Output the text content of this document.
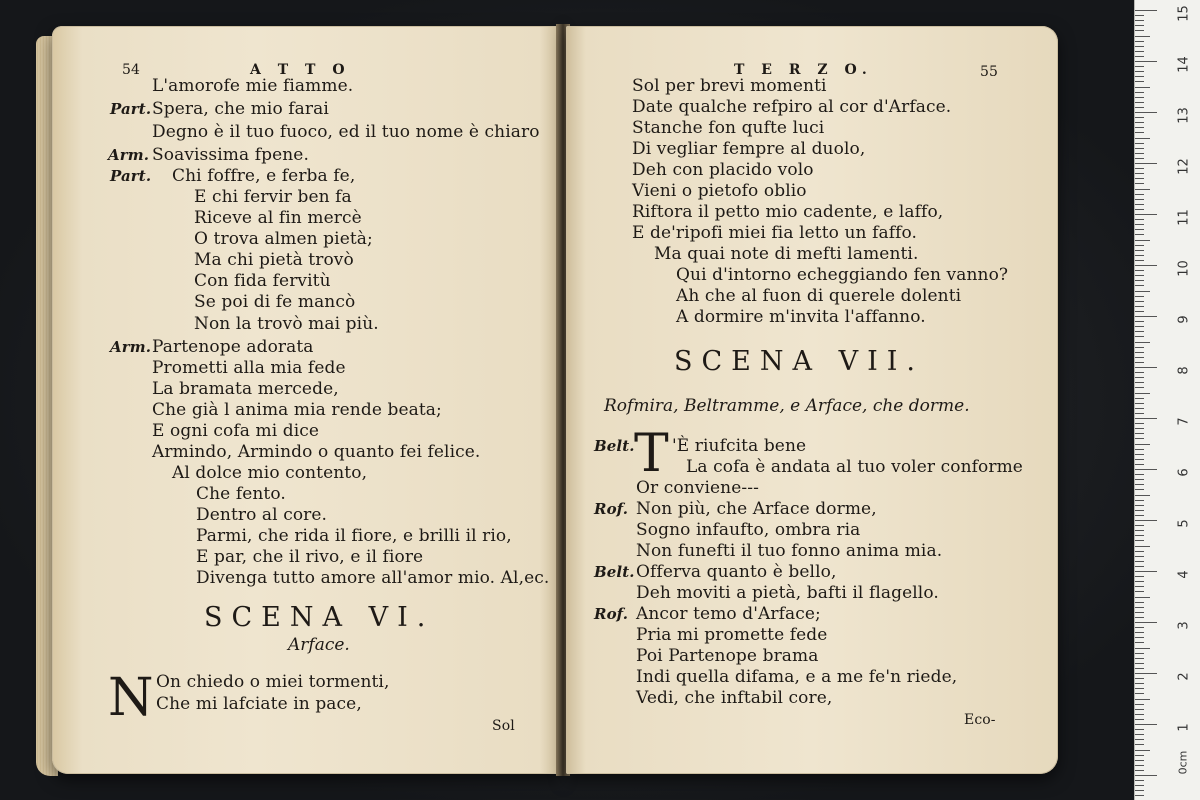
54	A T T O
L'amorofe mie fiamme.
Part. Spera, che mio farai
Degno è il tuo fuoco, ed il tuo nome è chiaro
Arm. Soavissima fpene.
Part. Chi foffre, e ferba fe,
E chi fervir ben fa
Riceve al fin mercè
O trova almen pietà;
Ma chi pietà trovò
Con fida fervitù
Se poi di fe mancò
Non la trovò mai più.
Arm. Partenope adorata
Prometti alla mia fede
La bramata mercede,
Che già l anima mia rende beata;
E ogni cofa mi dice
Armindo, Armindo o quanto fei felice.
Al dolce mio contento,
Che fento.
Dentro al core.
Parmi, che rida il fiore, e brilli il rio,
E par, che il rivo, e il fiore
Divenga tutto amore all'amor mio. Al,ec.
SCENA VI.
Arface.
N On chiedo o miei tormenti,
Che mi lafciate in pace,
Sol
T E R Z O.	55
Sol per brevi momenti
Date qualche refpiro al cor d'Arface.
Stanche fon qufte luci
Di vegliar fempre al duolo,
Deh con placido volo
Vieni o pietofo oblio
Riftora il petto mio cadente, e laffo,
E de'ripofi miei fia letto un faffo.
Ma quai note di mefti lamenti.
Qui d'intorno echeggiando fen vanno?
Ah che al fuon di querele dolenti
A dormire m'invita l'affanno.
SCENA VII.
Rofmira, Beltramme, e Arface, che dorme.
Belt. T 'È riufcita bene
La cofa è andata al tuo voler conforme
Or conviene---
Rof. Non più, che Arface dorme,
Sogno infaufto, ombra ria
Non funefti il tuo fonno anima mia.
Belt. Offerva quanto è bello,
Deh moviti a pietà, bafti il flagello.
Rof. Ancor temo d'Arface;
Pria mi promette fede
Poi Partenope brama
Indi quella difama, e a me fe'n riede,
Vedi, che inftabil core,
Eco-
15
14
13
12
11
10
9
8
7
6
5
4
3
2
1
0cm
